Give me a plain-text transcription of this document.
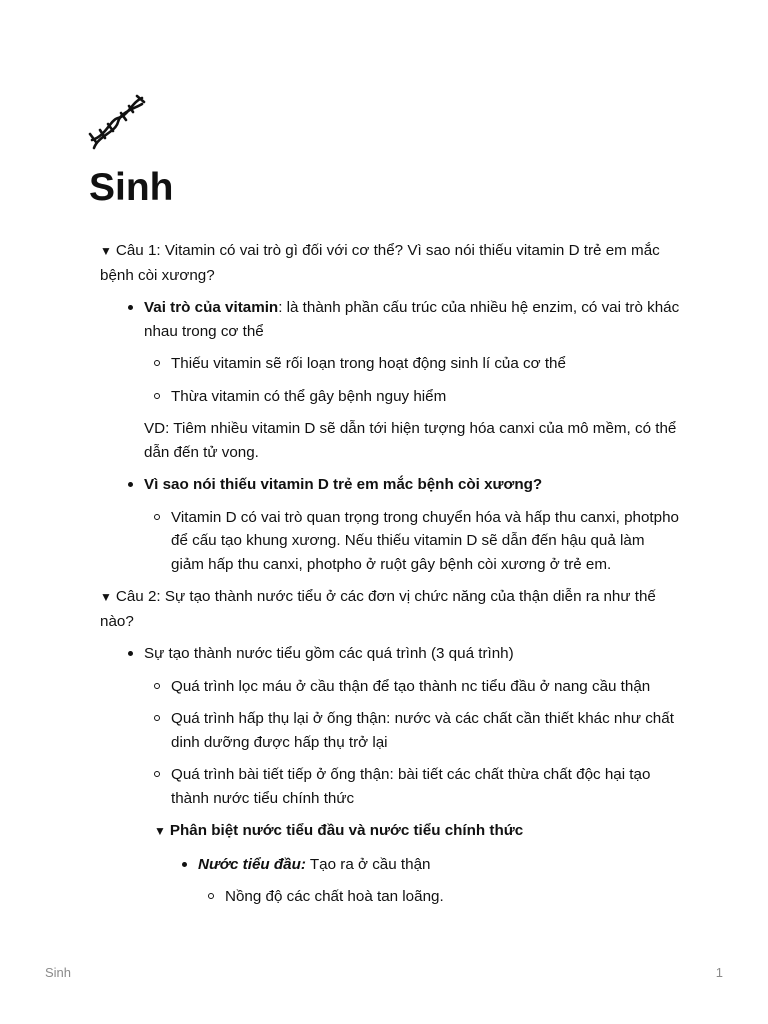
Sinh
▼ Câu 1: Vitamin có vai trò gì đối với cơ thể? Vì sao nói thiếu vitamin D trẻ em mắc bệnh còi xương?
Vai trò của vitamin: là thành phần cấu trúc của nhiều hệ enzim, có vai trò khác nhau trong cơ thể
Thiếu vitamin sẽ rối loạn trong hoạt động sinh lí của cơ thể
Thừa vitamin có thể gây bệnh nguy hiểm

VD: Tiêm nhiều vitamin D sẽ dẫn tới hiện tượng hóa canxi của mô mềm, có thể dẫn đến tử vong.

Vì sao nói thiếu vitamin D trẻ em mắc bệnh còi xương?
Vitamin D có vai trò quan trọng trong chuyển hóa và hấp thu canxi, photpho để cấu tạo khung xương. Nếu thiếu vitamin D sẽ dẫn đến hậu quả làm giảm hấp thu canxi, photpho ở ruột gây bệnh còi xương ở trẻ em.
▼ Câu 2: Sự tạo thành nước tiểu ở các đơn vị chức năng của thận diễn ra như thế nào?
Sự tạo thành nước tiểu gồm các quá trình (3 quá trình)
Quá trình lọc máu ở cầu thận để tạo thành nc tiểu đầu ở nang cầu thận
Quá trình hấp thụ lại ở ống thận: nước và các chất cần thiết khác như chất dinh dưỡng được hấp thụ trở lại
Quá trình bài tiết tiếp ở ống thận: bài tiết các chất thừa chất độc hại tạo thành nước tiểu chính thức
▼ Phân biệt nước tiểu đầu và nước tiểu chính thức
Nước tiểu đầu: Tạo ra ở cầu thận
Nồng độ các chất hoà tan loãng.
Sinh	1
